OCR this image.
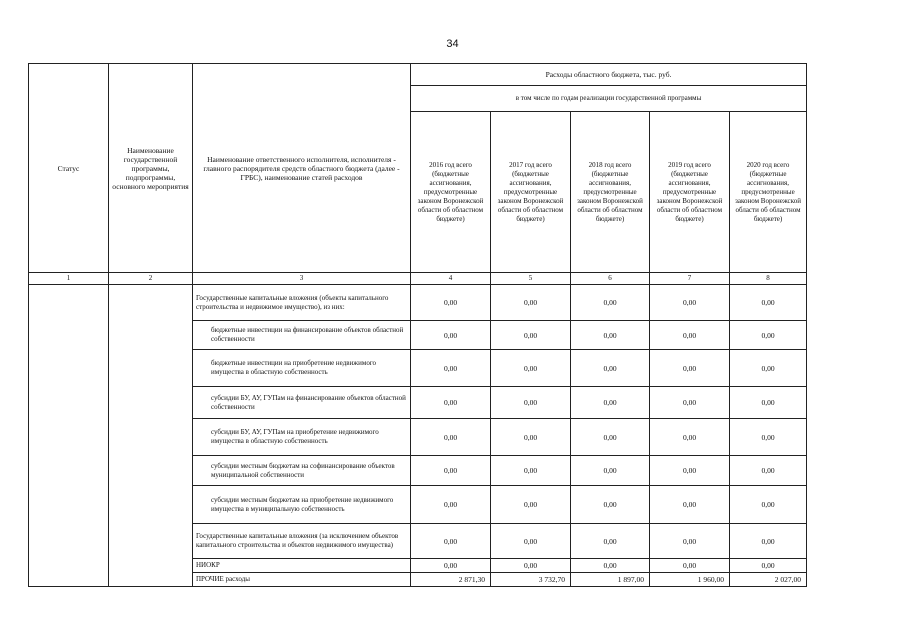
34
Статус	Наименование государственной программы, подпрограммы, основного мероприятия	Наименование ответственного исполнителя, исполнителя - главного распорядителя средств областного бюджета (далее - ГРБС), наименование статей расходов	Расходы областного бюджета, тыс. руб.				
			в том числе по годам реализации государственной программы				
			2016 год всего (бюджетные ассигнования, предусмотренные законом Воронежской области об областном бюджете)	2017 год всего (бюджетные ассигнования, предусмотренные законом Воронежской области об областном бюджете)	2018 год всего (бюджетные ассигнования, предусмотренные законом Воронежской области об областном бюджете)	2019 год всего (бюджетные ассигнования, предусмотренные законом Воронежской области об областном бюджете)	2020 год всего (бюджетные ассигнования, предусмотренные законом Воронежской области об областном бюджете)
1	2	3	4	5	6	7	8
		Государственные капитальные вложения (объекты капитального строительства и недвижимое имущество), из них:	0,00	0,00	0,00	0,00	0,00
		бюджетные инвестиции на финансирование объектов областной собственности	0,00	0,00	0,00	0,00	0,00
		бюджетные инвестиции на приобретение недвижимого имущества в областную собственность	0,00	0,00	0,00	0,00	0,00
		субсидии БУ, АУ, ГУПам на финансирование объектов областной собственности	0,00	0,00	0,00	0,00	0,00
		субсидии БУ, АУ, ГУПам на приобретение недвижимого имущества в областную собственность	0,00	0,00	0,00	0,00	0,00
		субсидии местным бюджетам на софинансирование объектов муниципальной собственности	0,00	0,00	0,00	0,00	0,00
		субсидии местным бюджетам на приобретение недвижимого имущества в муниципальную собственность	0,00	0,00	0,00	0,00	0,00
		Государственные капитальные вложения (за исключением объектов капитального строительства и объектов недвижимого имущества)	0,00	0,00	0,00	0,00	0,00
		НИОКР	0,00	0,00	0,00	0,00	0,00
		ПРОЧИЕ расходы	2 871,30	3 732,70	1 897,00	1 960,00	2 027,00
